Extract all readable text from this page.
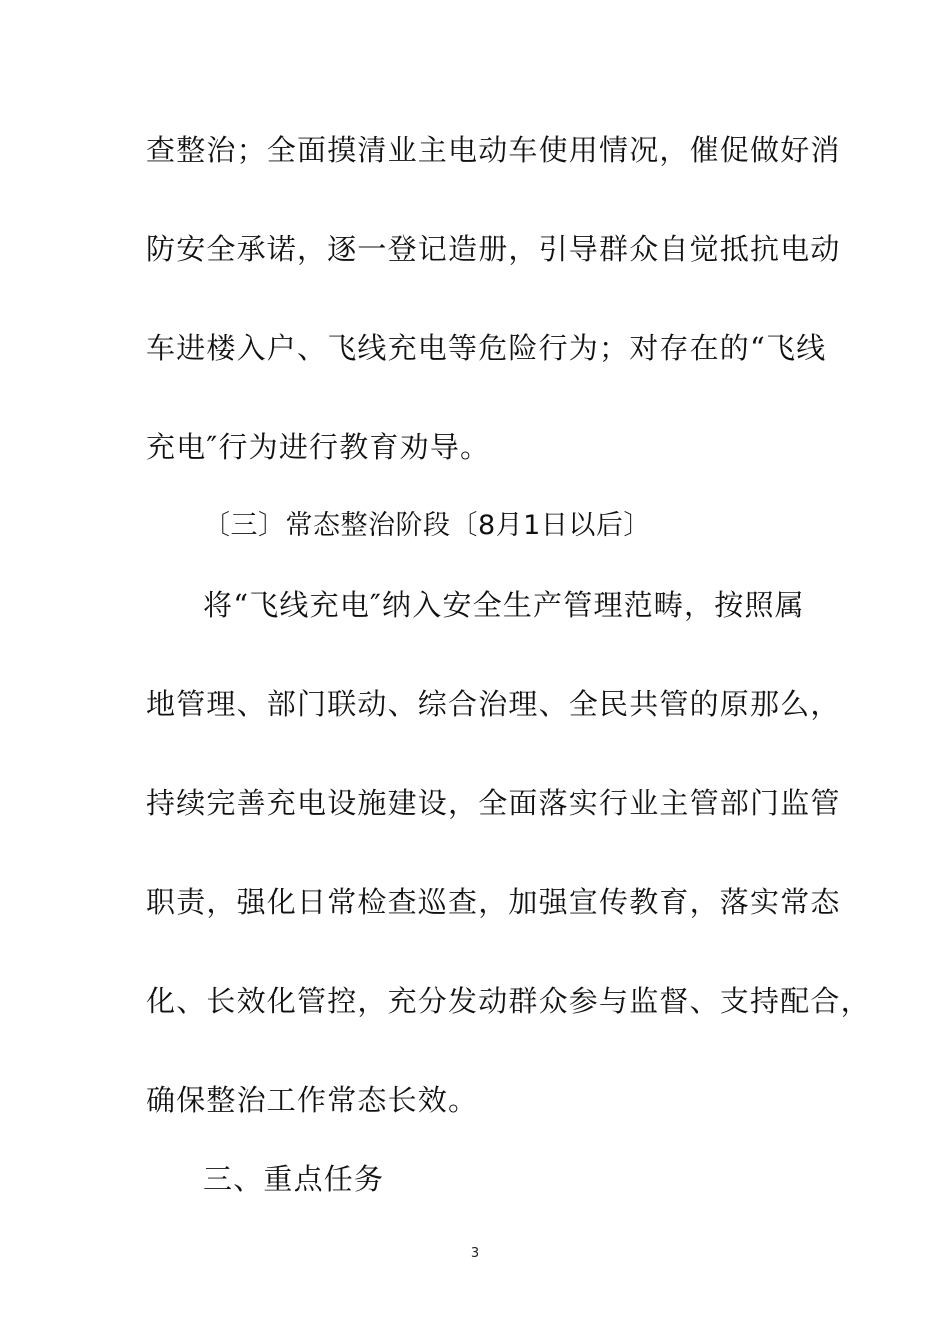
查整治；全面摸清业主电动车使用情况，催促做好消
防安全承诺，逐一登记造册，引导群众自觉抵抗电动
车进楼入户、飞线充电等危险行为；对存在的“飞线
充电″行为进行教育劝导。
〔三〕常态整治阶段〔8月1日以后〕
将“飞线充电″纳入安全生产管理范畴，按照属
地管理、部门联动、综合治理、全民共管的原那么，
持续完善充电设施建设，全面落实行业主管部门监管
职责，强化日常检查巡查，加强宣传教育，落实常态
化、长效化管控，充分发动群众参与监督、支持配合，
确保整治工作常态长效。
三、重点任务
3
